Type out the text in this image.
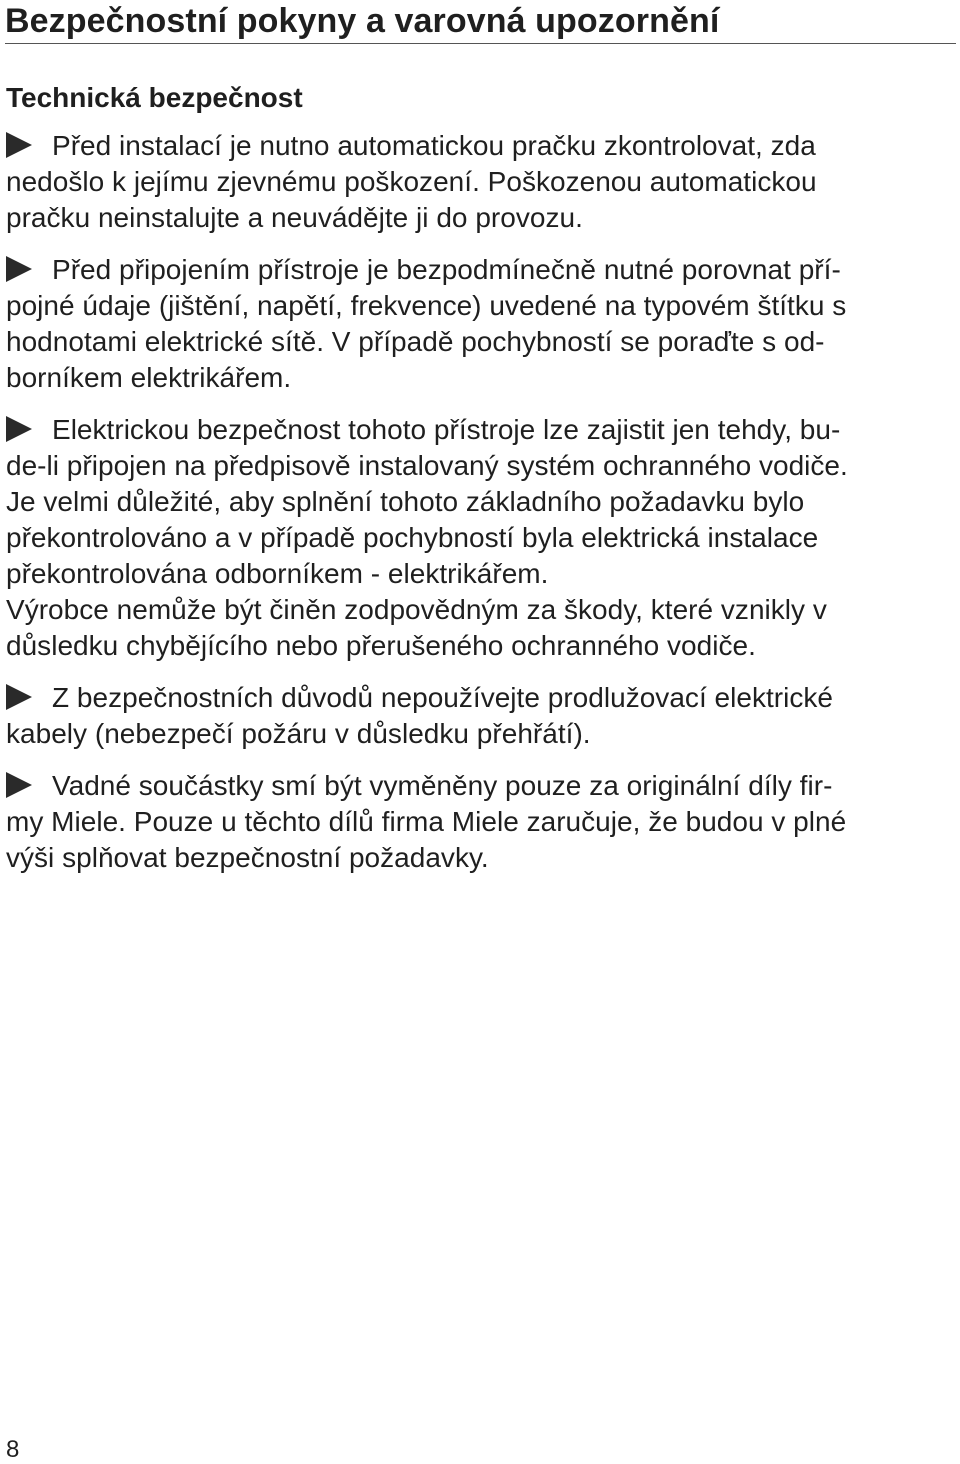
Bezpečnostní pokyny a varovná upozornění
Technická bezpečnost

Před instalací je nutno automatickou pračku zkontrolovat, zda
nedošlo k jejímu zjevnému poškození. Poškozenou automatickou
pračku neinstalujte a neuvádějte ji do provozu.

Před připojením přístroje je bezpodmínečně nutné porovnat pří-
pojné údaje (jištění, napětí, frekvence) uvedené na typovém štítku s
hodnotami elektrické sítě. V případě pochybností se poraďte s od-
borníkem elektrikářem.

Elektrickou bezpečnost tohoto přístroje lze zajistit jen tehdy, bu-
de-li připojen na předpisově instalovaný systém ochranného vodiče.
Je velmi důležité, aby splnění tohoto základního požadavku bylo
překontrolováno a v případě pochybností byla elektrická instalace
překontrolována odborníkem - elektrikářem.

Výrobce nemůže být činěn zodpovědným za škody, které vznikly v
důsledku chybějícího nebo přerušeného ochranného vodiče.

Z bezpečnostních důvodů nepoužívejte prodlužovací elektrické
kabely (nebezpečí požáru v důsledku přehřátí).

Vadné součástky smí být vyměněny pouze za originální díly fir-
my Miele. Pouze u těchto dílů firma Miele zaručuje, že budou v plné
výši splňovat bezpečnostní požadavky.

8
